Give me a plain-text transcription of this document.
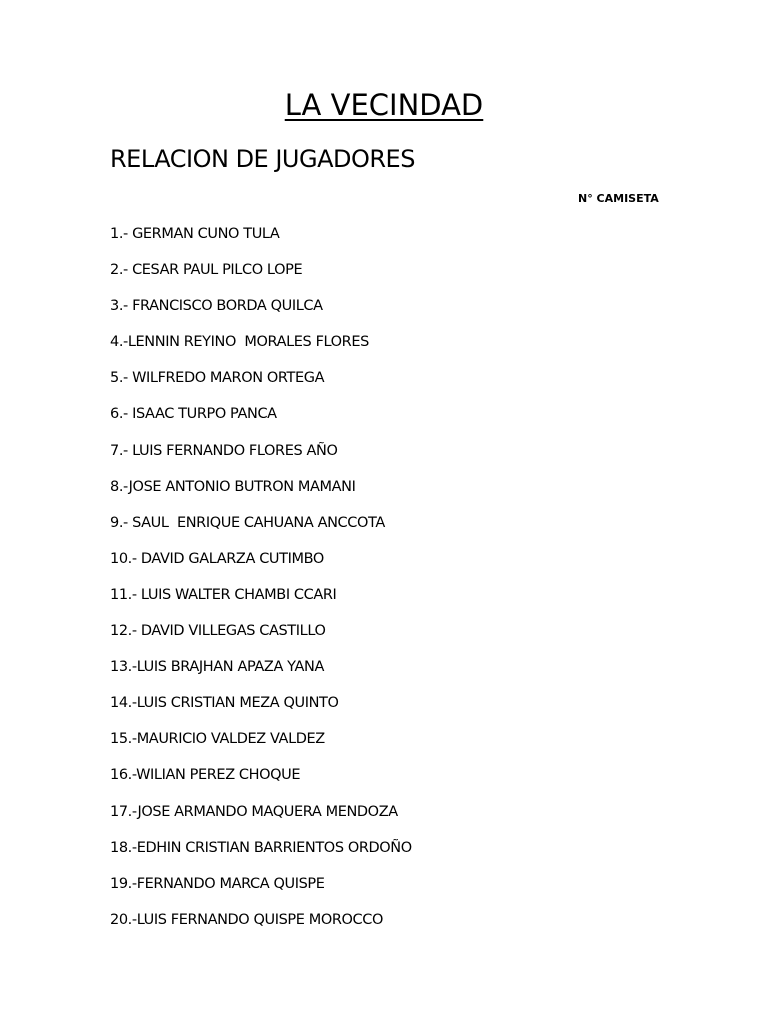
LA VECINDAD
RELACION DE JUGADORES
N° CAMISETA
1.- GERMAN CUNO TULA
2.- CESAR PAUL PILCO LOPE
3.- FRANCISCO BORDA QUILCA
4.-LENNIN REYINO  MORALES FLORES
5.- WILFREDO MARON ORTEGA
6.- ISAAC TURPO PANCA
7.- LUIS FERNANDO FLORES AÑO
8.-JOSE ANTONIO BUTRON MAMANI
9.- SAUL  ENRIQUE CAHUANA ANCCOTA
10.- DAVID GALARZA CUTIMBO
11.- LUIS WALTER CHAMBI CCARI
12.- DAVID VILLEGAS CASTILLO
13.-LUIS BRAJHAN APAZA YANA
14.-LUIS CRISTIAN MEZA QUINTO
15.-MAURICIO VALDEZ VALDEZ
16.-WILIAN PEREZ CHOQUE
17.-JOSE ARMANDO MAQUERA MENDOZA
18.-EDHIN CRISTIAN BARRIENTOS ORDOÑO
19.-FERNANDO MARCA QUISPE
20.-LUIS FERNANDO QUISPE MOROCCO
